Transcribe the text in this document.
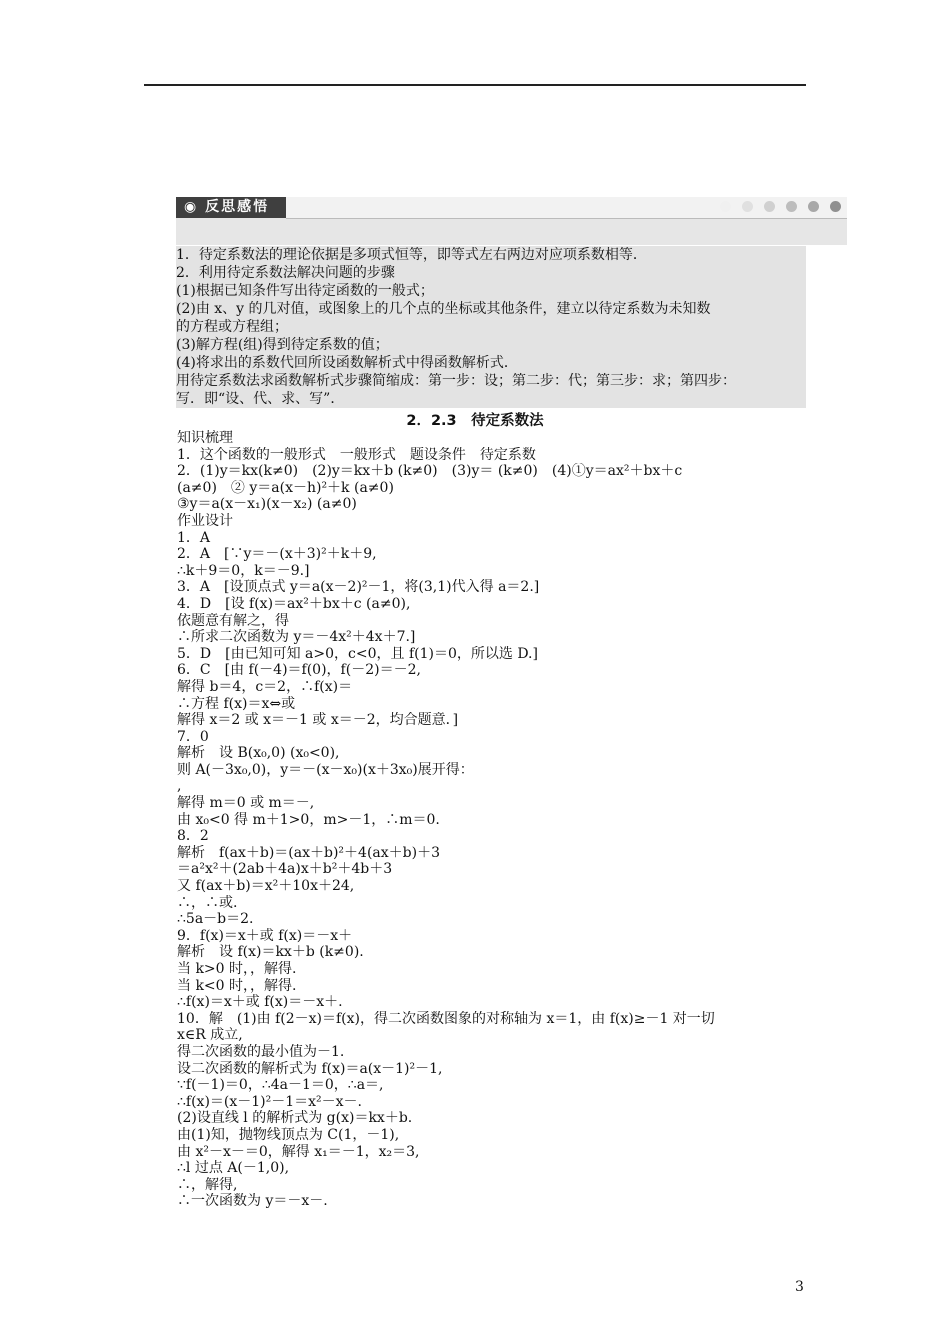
◉ 反思感悟
1．待定系数法的理论依据是多项式恒等，即等式左右两边对应项系数相等．
2．利用待定系数法解决问题的步骤
(1)根据已知条件写出待定函数的一般式；
(2)由 x、y 的几对值，或图象上的几个点的坐标或其他条件，建立以待定系数为未知数
的方程或方程组；
(3)解方程(组)得到待定系数的值；
(4)将求出的系数代回所设函数解析式中得函数解析式．
用待定系数法求函数解析式步骤简缩成：第一步：设；第二步：代；第三步：求；第四步：
写．即“设、代、求、写”．
2．2.3　待定系数法
知识梳理
1．这个函数的一般形式　一般形式　题设条件　待定系数
2．(1)y＝kx(k≠0)　(2)y＝kx＋b (k≠0)　(3)y＝ (k≠0)　(4)①y＝ax²＋bx＋c
(a≠0)　② y＝a(x－h)²＋k (a≠0)
③y＝a(x－x₁)(x－x₂) (a≠0)
作业设计
1．A
2．A　[∵y＝－(x＋3)²＋k＋9,
∴k＋9＝0，k＝－9.]
3．A　[设顶点式 y＝a(x－2)²－1，将(3,1)代入得 a＝2.]
4．D　[设 f(x)＝ax²＋bx＋c (a≠0),
依题意有解之，得
∴所求二次函数为 y＝－4x²＋4x＋7.]
5．D　[由已知可知 a>0，c<0，且 f(1)＝0，所以选 D.]
6．C　[由 f(－4)＝f(0)，f(－2)＝－2,
解得 b＝4，c＝2，∴f(x)＝
∴方程 f(x)＝x⇔或
解得 x＝2 或 x＝－1 或 x＝－2，均合题意．]
7．0
解析　设 B(x₀,0) (x₀<0),
则 A(－3x₀,0)，y＝－(x－x₀)(x＋3x₀)展开得：
,
解得 m＝0 或 m＝－,
由 x₀<0 得 m＋1>0，m>－1，∴m＝0.
8．2
解析　f(ax＋b)＝(ax＋b)²＋4(ax＋b)＋3
＝a²x²＋(2ab＋4a)x＋b²＋4b＋3
又 f(ax＋b)＝x²＋10x＋24,
∴，∴或.
∴5a－b＝2.
9．f(x)＝x＋或 f(x)＝－x＋
解析　设 f(x)＝kx＋b (k≠0).
当 k>0 时，，解得.
当 k<0 时，，解得.
∴f(x)＝x＋或 f(x)＝－x＋.
10．解　(1)由 f(2－x)＝f(x)，得二次函数图象的对称轴为 x＝1，由 f(x)≥－1 对一切
x∈R 成立,
得二次函数的最小值为－1.
设二次函数的解析式为 f(x)＝a(x－1)²－1,
∵f(－1)＝0，∴4a－1＝0，∴a＝,
∴f(x)＝(x－1)²－1＝x²－x－.
(2)设直线 l 的解析式为 g(x)＝kx＋b.
由(1)知，抛物线顶点为 C(1，－1),
由 x²－x－＝0，解得 x₁＝－1，x₂＝3,
∴l 过点 A(－1,0),
∴，解得,
∴一次函数为 y＝－x－.
3
